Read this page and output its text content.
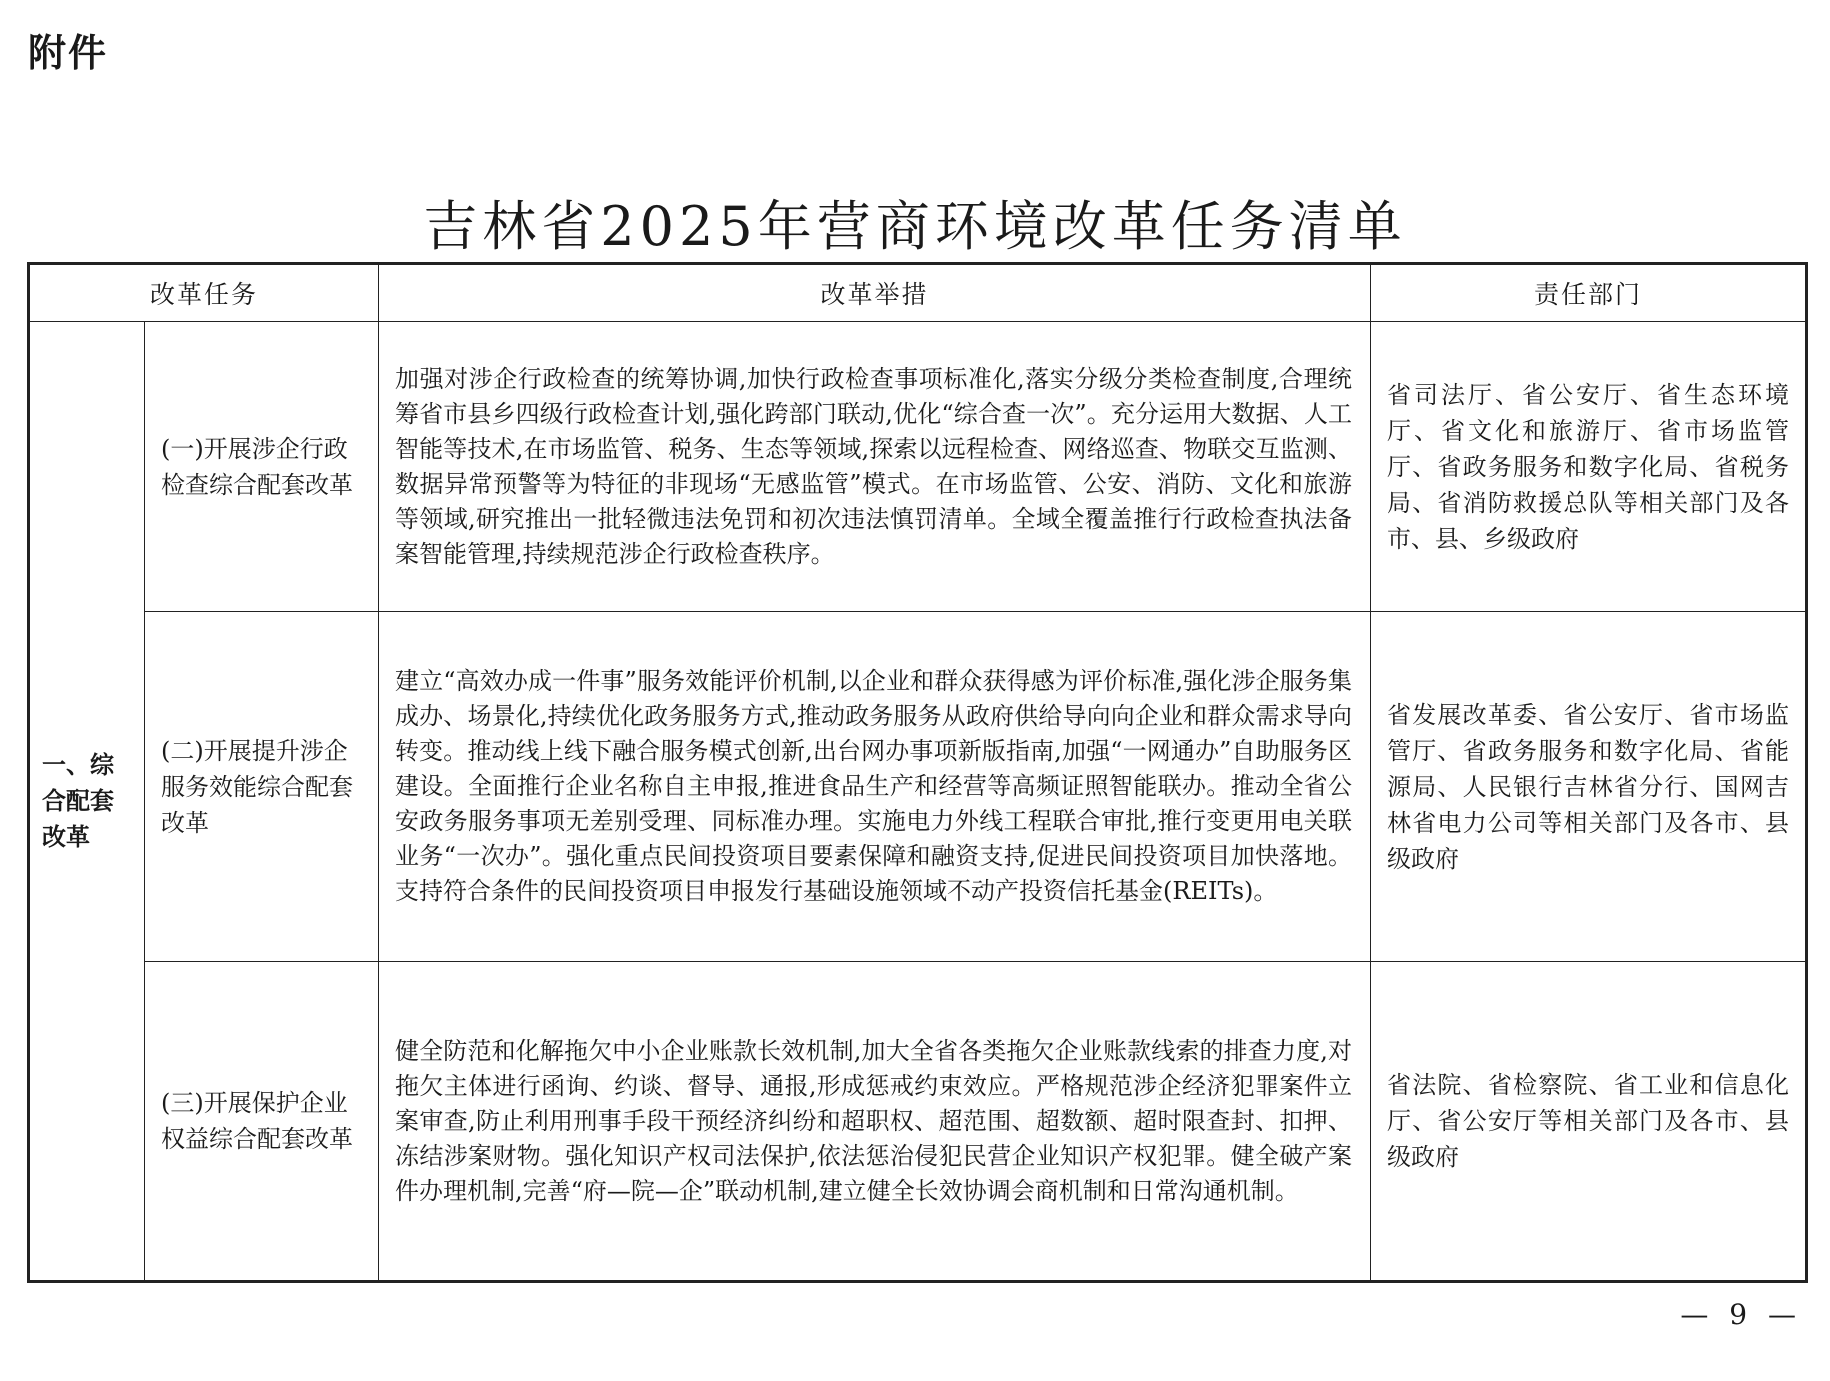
附件
吉林省2025年营商环境改革任务清单
改革任务		改革举措	责任部门
一、综合配套改革	(一)开展涉企行政检查综合配套改革	加强对涉企行政检查的统筹协调,加快行政检查事项标准化,落实分级分类检查制度,合理统筹省市县乡四级行政检查计划,强化跨部门联动,优化“综合查一次”。充分运用大数据、人工智能等技术,在市场监管、税务、生态等领域,探索以远程检查、网络巡查、物联交互监测、数据异常预警等为特征的非现场“无感监管”模式。在市场监管、公安、消防、文化和旅游等领域,研究推出一批轻微违法免罚和初次违法慎罚清单。全域全覆盖推行行政检查执法备案智能管理,持续规范涉企行政检查秩序。	省司法厅、省公安厅、省生态环境厅、省文化和旅游厅、省市场监管厅、省政务服务和数字化局、省税务局、省消防救援总队等相关部门及各市、县、乡级政府
	(二)开展提升涉企服务效能综合配套改革	建立“高效办成一件事”服务效能评价机制,以企业和群众获得感为评价标准,强化涉企服务集成办、场景化,持续优化政务服务方式,推动政务服务从政府供给导向向企业和群众需求导向转变。推动线上线下融合服务模式创新,出台网办事项新版指南,加强“一网通办”自助服务区建设。全面推行企业名称自主申报,推进食品生产和经营等高频证照智能联办。推动全省公安政务服务事项无差别受理、同标准办理。实施电力外线工程联合审批,推行变更用电关联业务“一次办”。强化重点民间投资项目要素保障和融资支持,促进民间投资项目加快落地。支持符合条件的民间投资项目申报发行基础设施领域不动产投资信托基金(REITs)。	省发展改革委、省公安厅、省市场监管厅、省政务服务和数字化局、省能源局、人民银行吉林省分行、国网吉林省电力公司等相关部门及各市、县级政府
	(三)开展保护企业权益综合配套改革	健全防范和化解拖欠中小企业账款长效机制,加大全省各类拖欠企业账款线索的排查力度,对拖欠主体进行函询、约谈、督导、通报,形成惩戒约束效应。严格规范涉企经济犯罪案件立案审查,防止利用刑事手段干预经济纠纷和超职权、超范围、超数额、超时限查封、扣押、冻结涉案财物。强化知识产权司法保护,依法惩治侵犯民营企业知识产权犯罪。健全破产案件办理机制,完善“府—院—企”联动机制,建立健全长效协调会商机制和日常沟通机制。	省法院、省检察院、省工业和信息化厅、省公安厅等相关部门及各市、县级政府
— 9 —
